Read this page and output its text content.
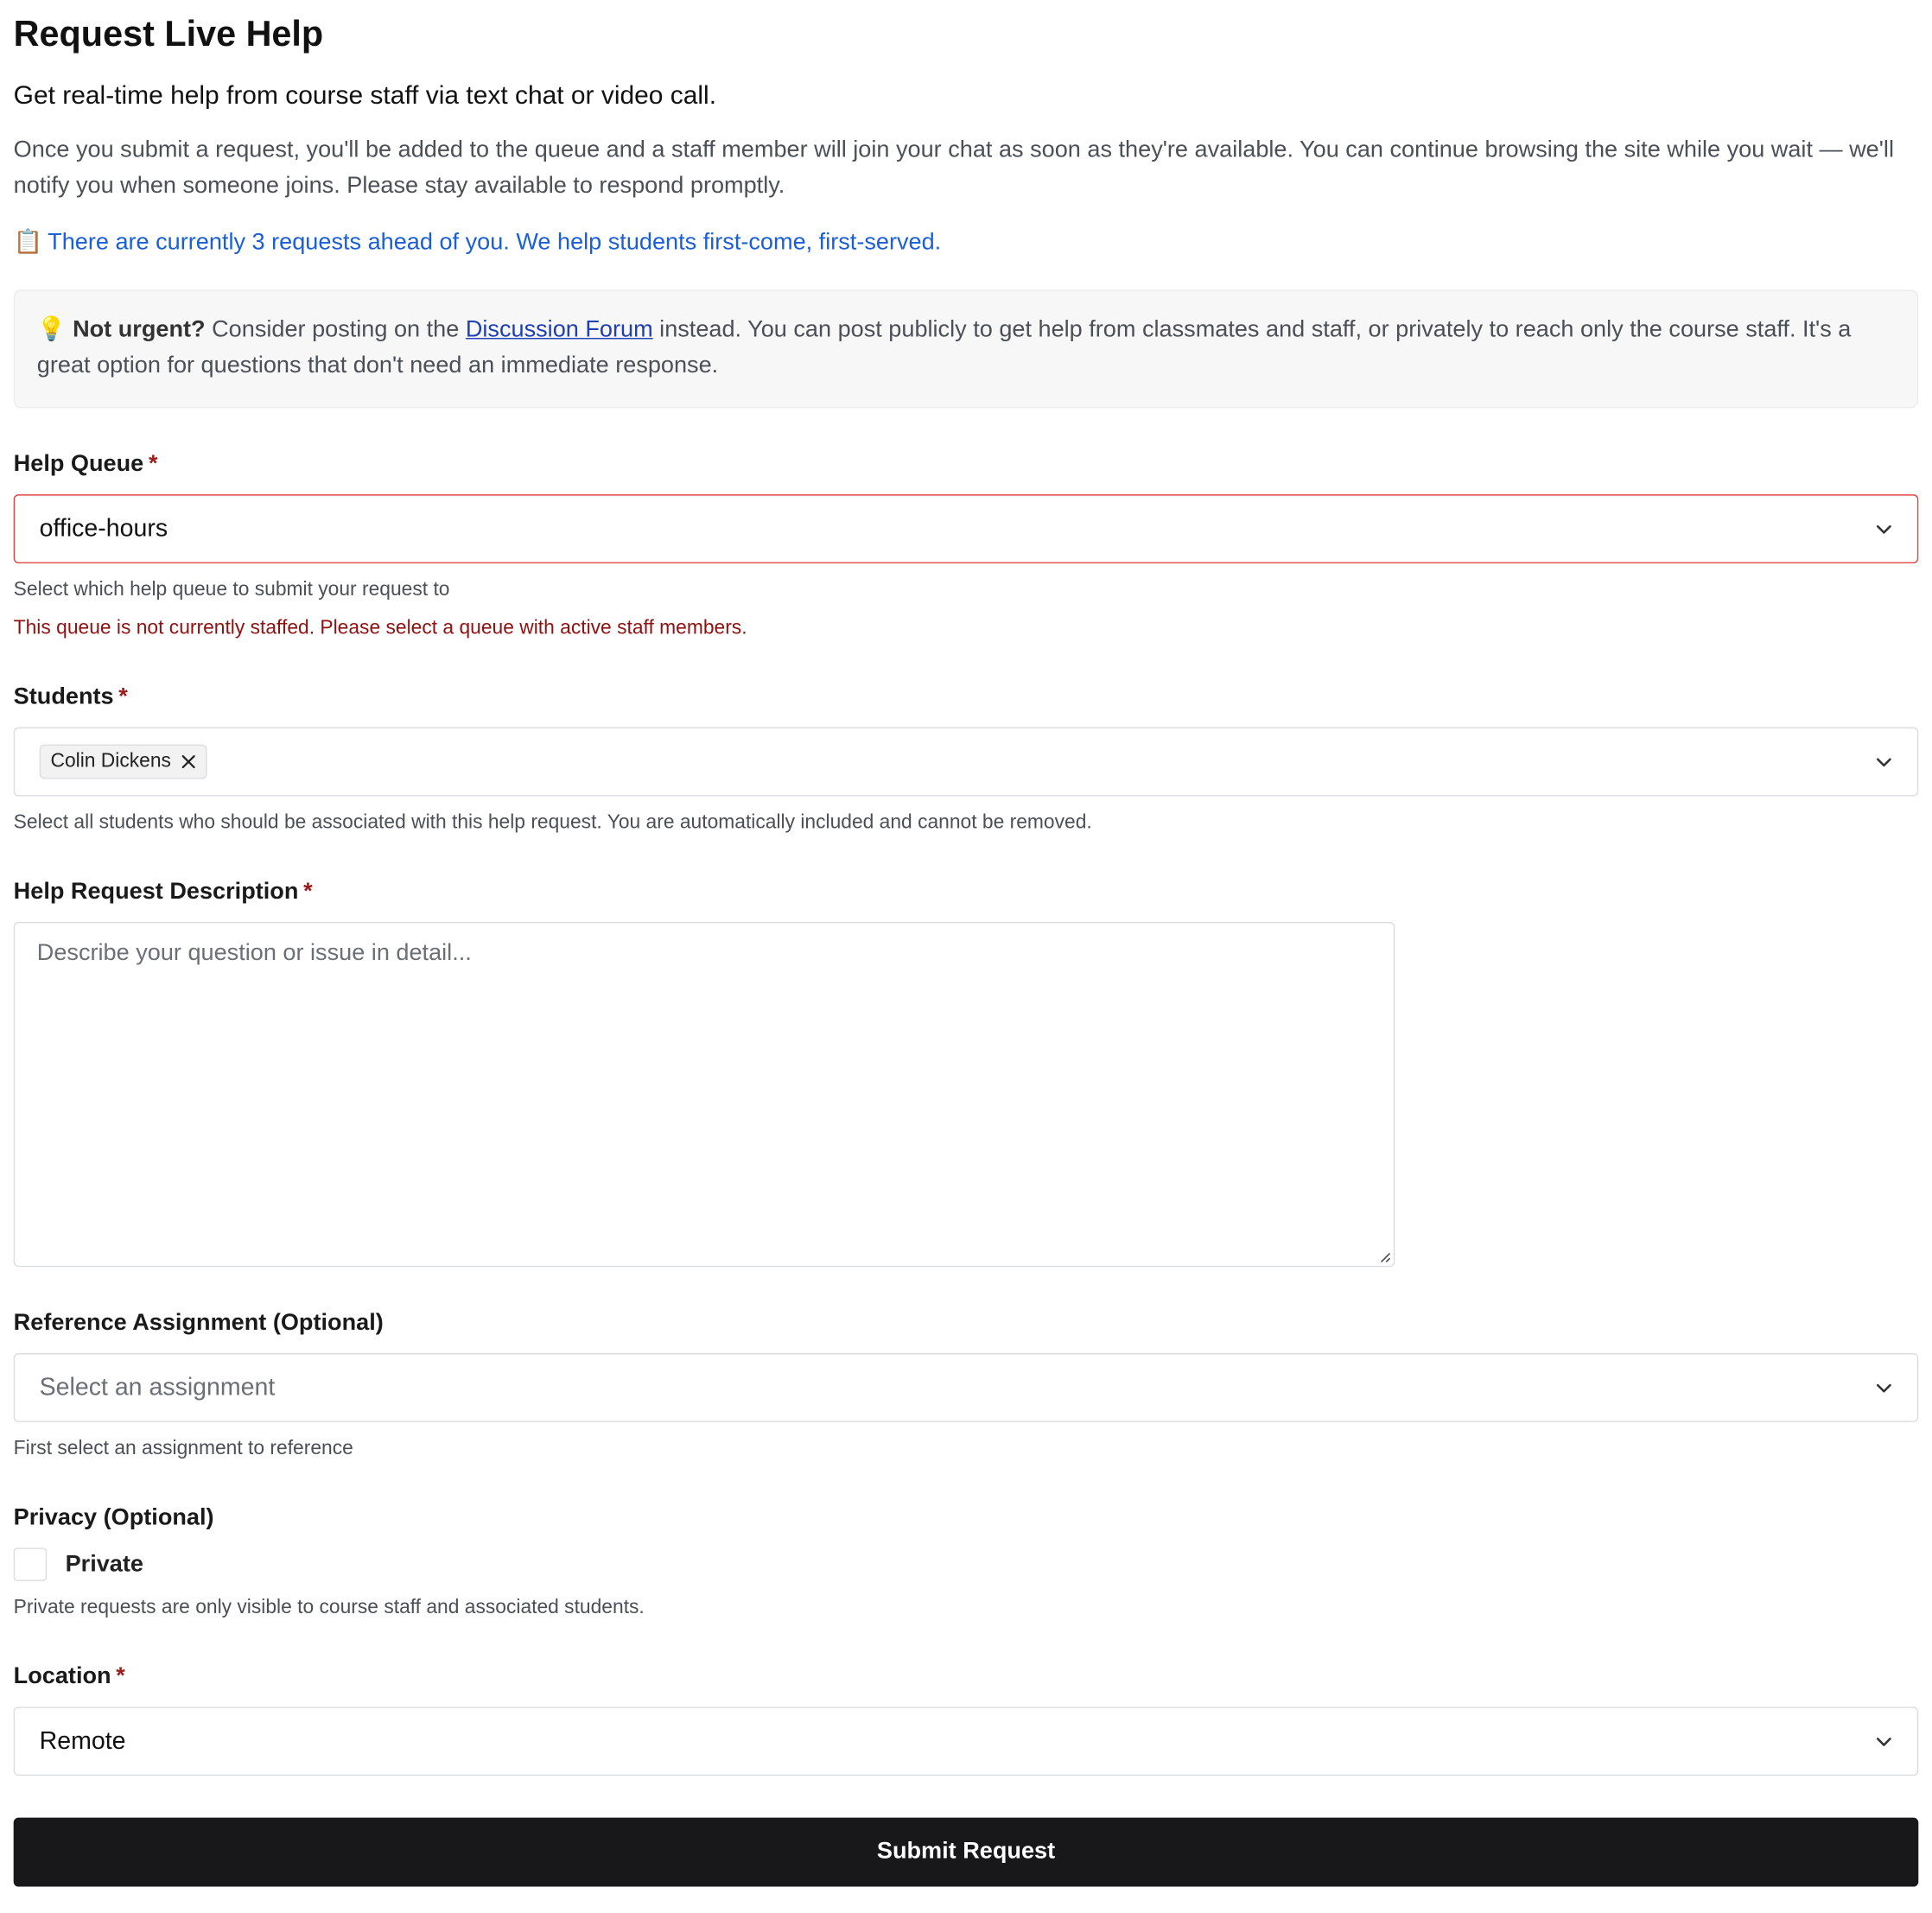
Request Live Help
Get real-time help from course staff via text chat or video call.
Once you submit a request, you'll be added to the queue and a staff member will join your chat as soon as they're available. You can continue browsing the site while you wait — we'll notify you when someone joins. Please stay available to respond promptly.
📋 There are currently 3 requests ahead of you. We help students first-come, first-served.
💡 Not urgent? Consider posting on the Discussion Forum instead. You can post publicly to get help from classmates and staff, or privately to reach only the course staff. It's a great option for questions that don't need an immediate response.
Help Queue *
office-hours
Select which help queue to submit your request to
This queue is not currently staffed. Please select a queue with active staff members.
Students *
Colin Dickens
Select all students who should be associated with this help request. You are automatically included and cannot be removed.
Help Request Description *
Describe your question or issue in detail...
Reference Assignment (Optional)
Select an assignment
First select an assignment to reference
Privacy (Optional)
Private
Private requests are only visible to course staff and associated students.
Location *
Remote
Submit Request
